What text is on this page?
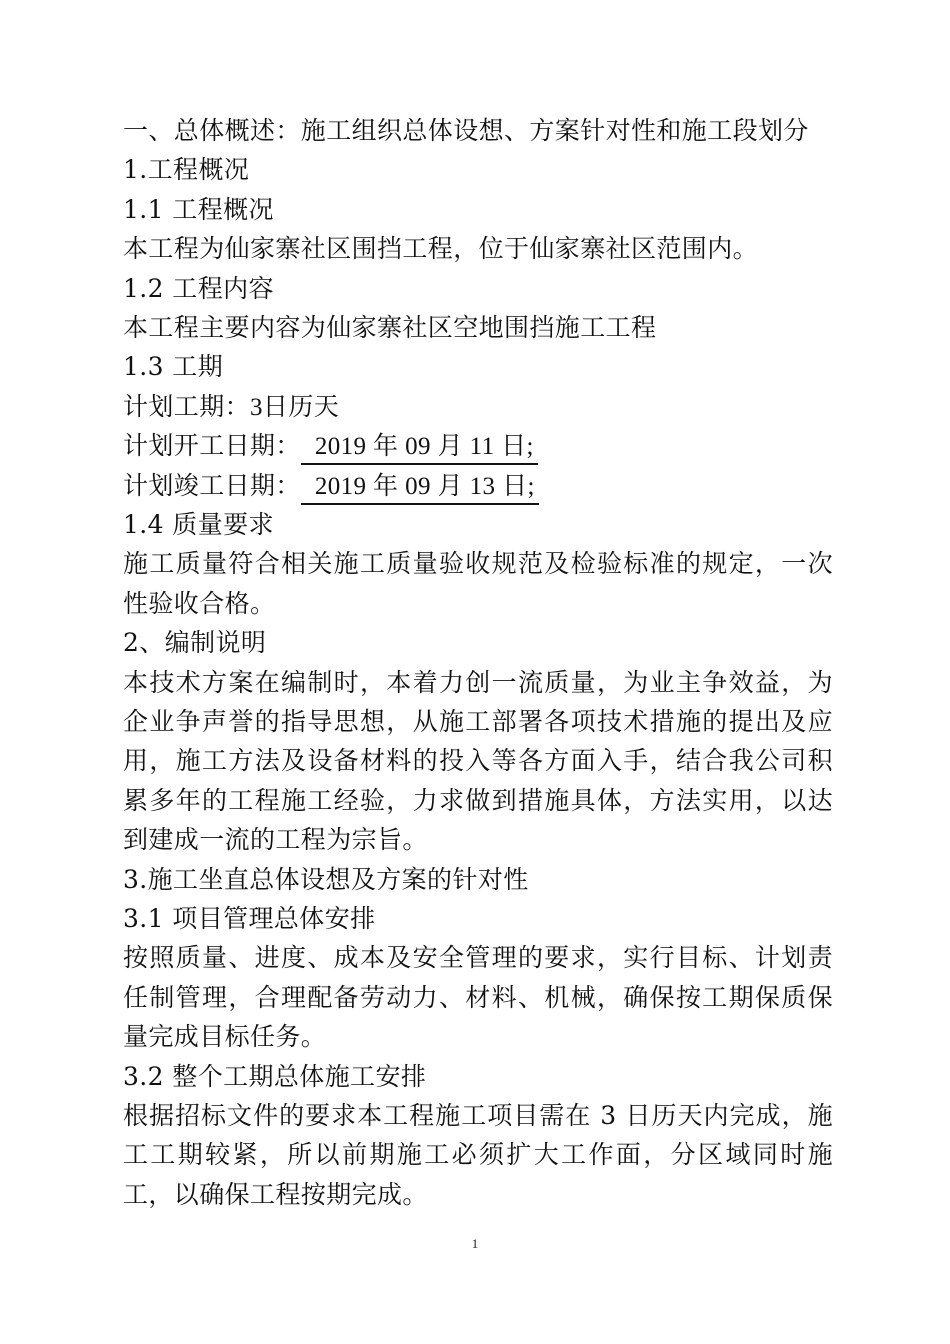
一、总体概述：施工组织总体设想、方案针对性和施工段划分
1.工程概况
1.1 工程概况
本工程为仙家寨社区围挡工程，位于仙家寨社区范围内。
1.2 工程内容
本工程主要内容为仙家寨社区空地围挡施工工程
1.3 工期
计划工期：3日历天
计划开工日期： 2019 年 09 月 11 日;
计划竣工日期： 2019 年 09 月 13 日;
1.4 质量要求
施工质量符合相关施工质量验收规范及检验标准的规定，一次性验收合格。
2、编制说明
本技术方案在编制时，本着力创一流质量，为业主争效益，为企业争声誉的指导思想，从施工部署各项技术措施的提出及应用，施工方法及设备材料的投入等各方面入手，结合我公司积累多年的工程施工经验，力求做到措施具体，方法实用，以达到建成一流的工程为宗旨。
3.施工坐直总体设想及方案的针对性
3.1 项目管理总体安排
按照质量、进度、成本及安全管理的要求，实行目标、计划责任制管理，合理配备劳动力、材料、机械，确保按工期保质保量完成目标任务。
3.2 整个工期总体施工安排
根据招标文件的要求本工程施工项目需在 3 日历天内完成，施工工期较紧，所以前期施工必须扩大工作面，分区域同时施工，以确保工程按期完成。
1
